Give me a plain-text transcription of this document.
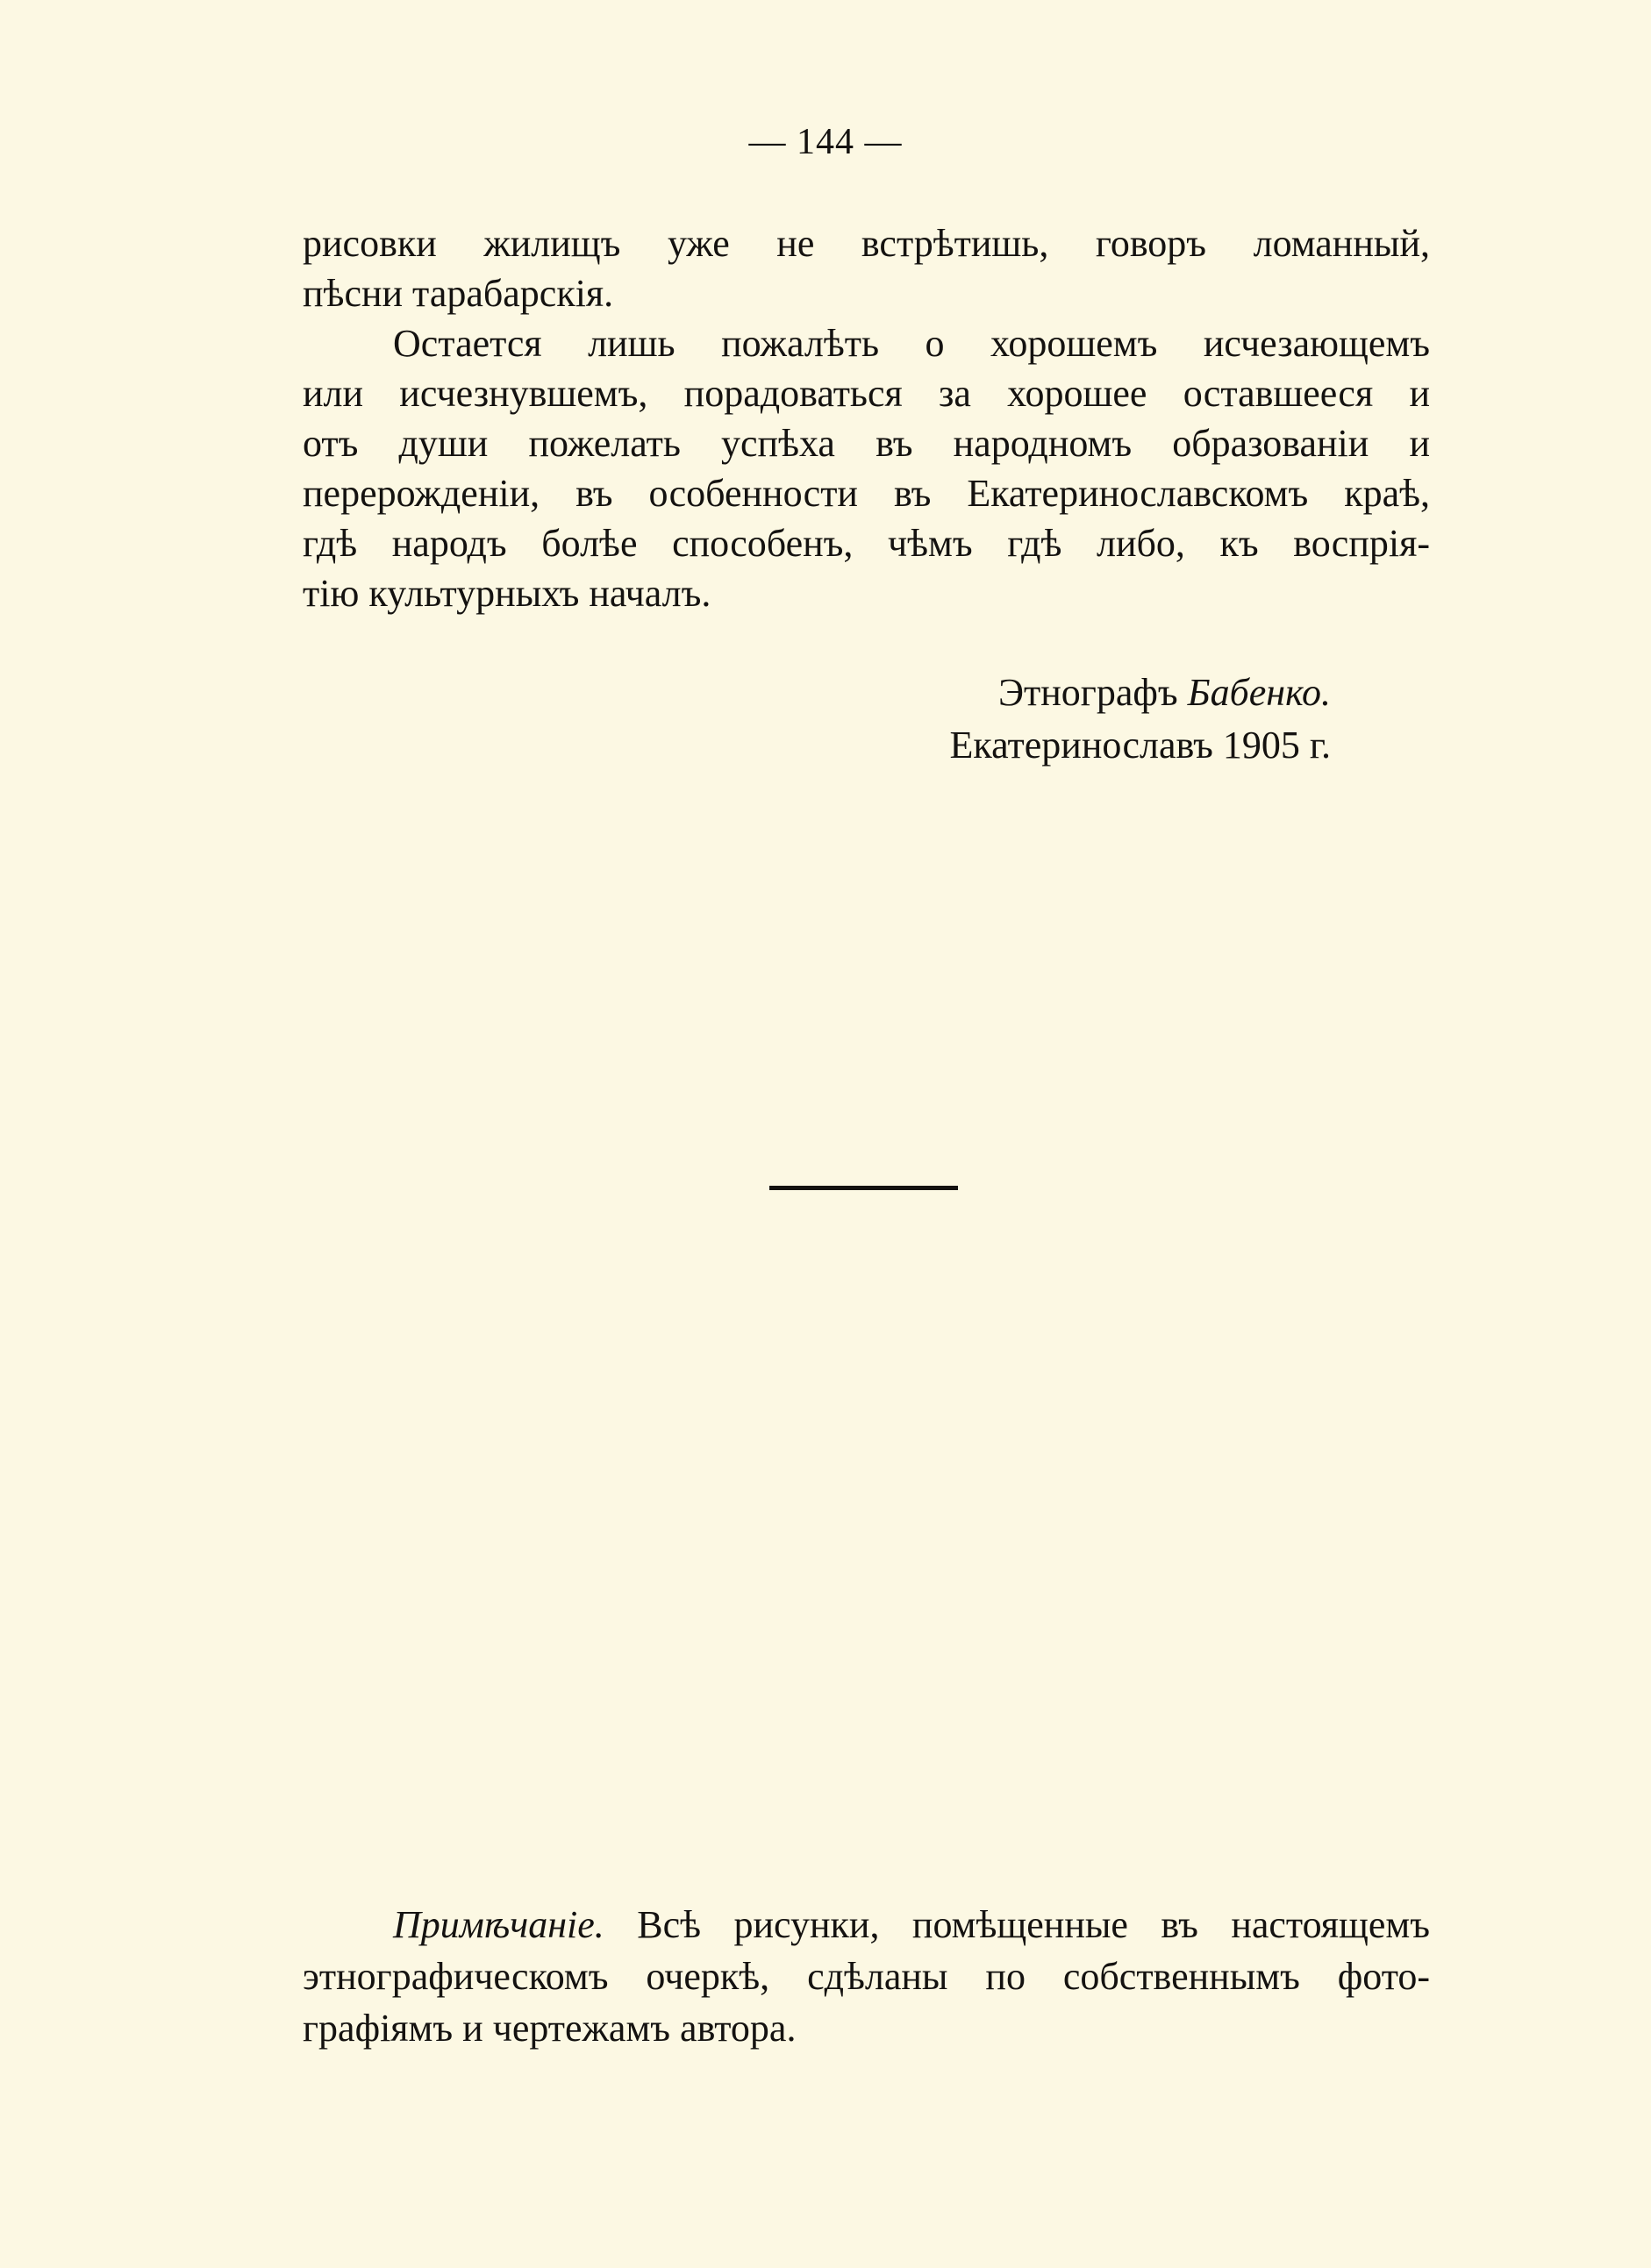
— 144 —
рисовки жилищъ уже не встрѣтишь, говоръ ломанный,
пѣсни тарабарскія.
Остается лишь пожалѣть о хорошемъ исчезающемъ
или исчезнувшемъ, порадоваться за хорошее оставшееся и
отъ души пожелать успѣха въ народномъ образованіи и
перерожденіи, въ особенности въ Екатеринославскомъ краѣ,
гдѣ народъ болѣе способенъ, чѣмъ гдѣ либо, къ воспрія-
тію культурныхъ началъ.
Этнографъ Бабенко.
Екатеринославъ 1905 г.
Примѣчаніе. Всѣ рисунки, помѣщенные въ настоящемъ
этнографическомъ очеркѣ, сдѣланы по собственнымъ фото-
графіямъ и чертежамъ автора.
